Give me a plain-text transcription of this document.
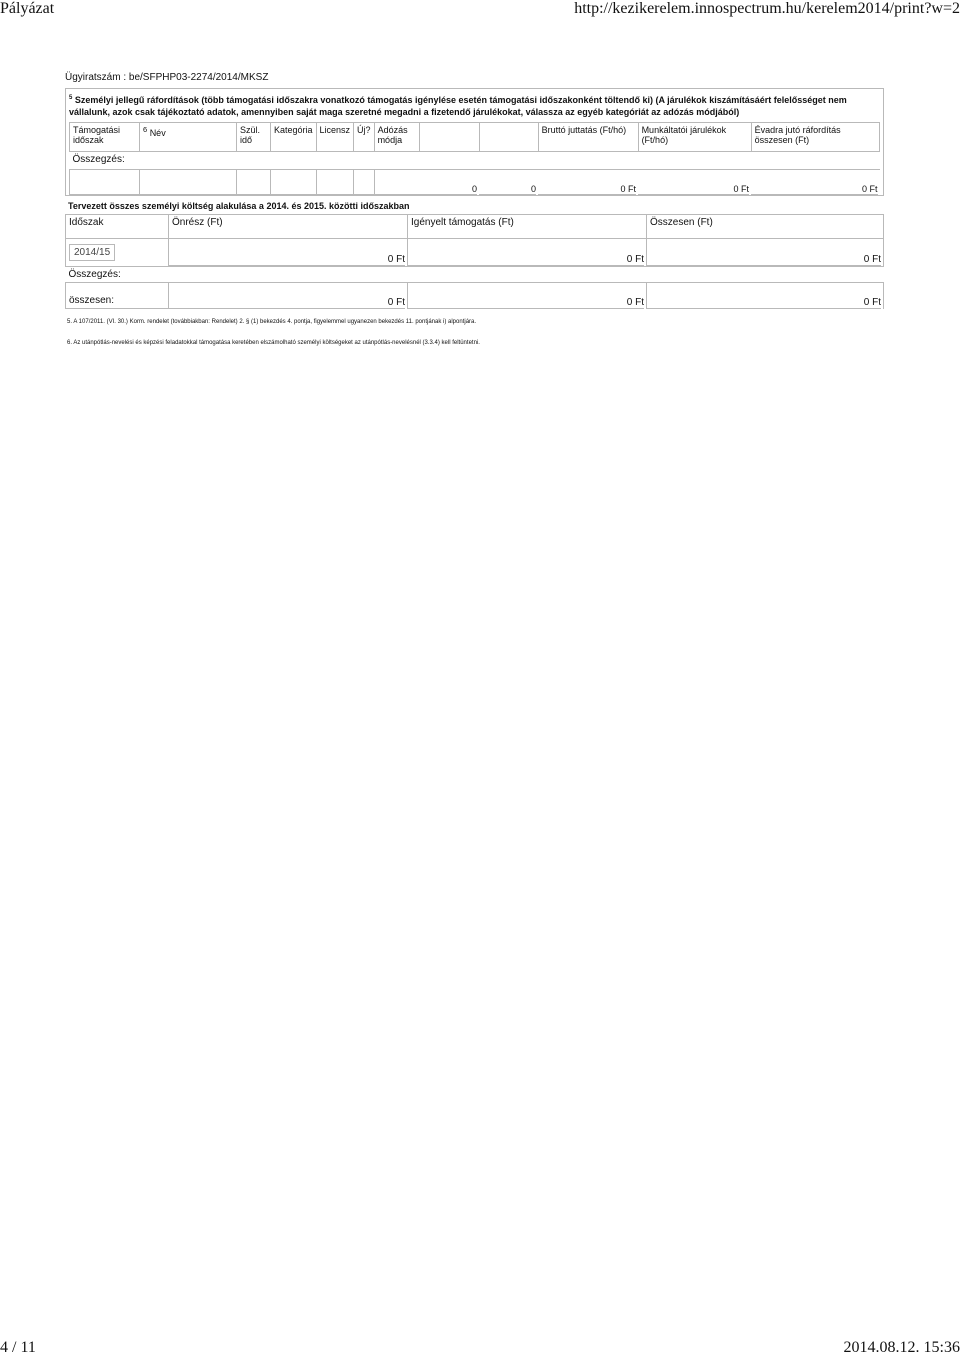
Pályázat	http://kezikerelem.innospectrum.hu/kerelem2014/print?w=2
Ügyiratszám : be/SFPHP03-2274/2014/MKSZ
$^5$ Személyi jellegű ráfordítások (több támogatási időszakra vonatkozó támogatás igénylése esetén támogatási időszakonként töltendő ki) (A járulékok kiszámításáért felelősséget nem vállalunk, azok csak tájékoztató adatok, amennyiben saját maga szeretné megadni a fizetendő járulékokat, válassza az egyéb kategóriát az adózás módjából)
Támogatási időszak	$^6$ Név	Szül. idő	Kategória	Licensz	Új?	Adózás módja			Bruttó juttatás (Ft/hó)	Munkáltatói járulékok (Ft/hó)	Évadra jutó ráfordítás összesen (Ft)
Összegzés:											

							0	0	0 Ft	0 Ft	0 Ft
Tervezett összes személyi költség alakulása a 2014. és 2015. közötti időszakban
Időszak	Önrész (Ft)	Igényelt támogatás (Ft)	Összesen (Ft)
2014/15	0 Ft	0 Ft	0 Ft

Összegzés:			
összesen:	0 Ft	0 Ft	0 Ft
5. A 107/2011. (VI. 30.) Korm. rendelet (továbbiakban: Rendelet) 2. § (1) bekezdés 4. pontja, figyelemmel ugyanezen bekezdés 11. pontjának i) alpontjára.
6. Az utánpótlás-nevelési és képzési feladatokkal támogatása keretében elszámolható személyi költségeket az utánpótlás-nevelésnél (3.3.4) kell feltüntetni.
4 / 11	2014.08.12. 15:36
